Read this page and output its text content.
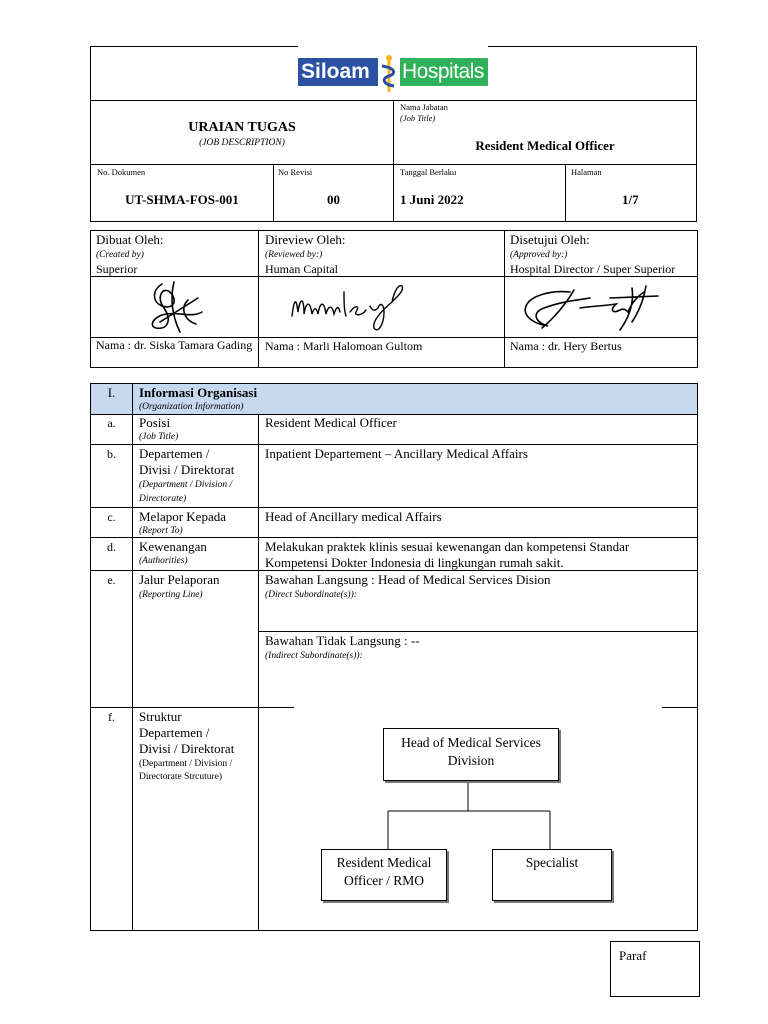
Siloam Hospitals
URAIAN TUGAS
(JOB DESCRIPTION)
Nama Jabatan
(Job Title)
Resident Medical Officer
No. Dokumen
UT-SHMA-FOS-001
No Revisi
00
Tanggal Berlaku
1 Juni 2022
Halaman
1/7
Dibuat Oleh:
(Created by)
Superior
Nama : dr. Siska Tamara Gading
Direview Oleh:
(Reviewed by:)
Human Capital
Nama : Marli Halomoan Gultom
Disetujui Oleh:
(Approved by:)
Hospital Director / Super Superior
Nama : dr. Hery Bertus
I.	Informasi Organisasi
(Organization Information)
a.	Posisi
(Job Title)
Resident Medical Officer
b.	Departemen /
Divisi / Direktorat
(Department / Division /
Directorate)
Inpatient Departement – Ancillary Medical Affairs
c.	Melapor Kepada
(Report To)
Head of Ancillary medical Affairs
d.	Kewenangan
(Authorities)
Melakukan praktek klinis sesuai kewenangan dan kompetensi Standar
Kompetensi Dokter Indonesia di lingkungan rumah sakit.
e.	Jalur Pelaporan
(Reporting Line)
Bawahan Langsung : Head of Medical Services Dision
(Direct Subordinate(s)):
Bawahan Tidak Langsung : --
(Indirect Subordinate(s)):
f.	Struktur
Departemen /
Divisi / Direktorat
(Department / Division /
Directorate Strcuture)
Head of Medical Services
Division
Resident Medical
Officer / RMO
Specialist
Paraf
